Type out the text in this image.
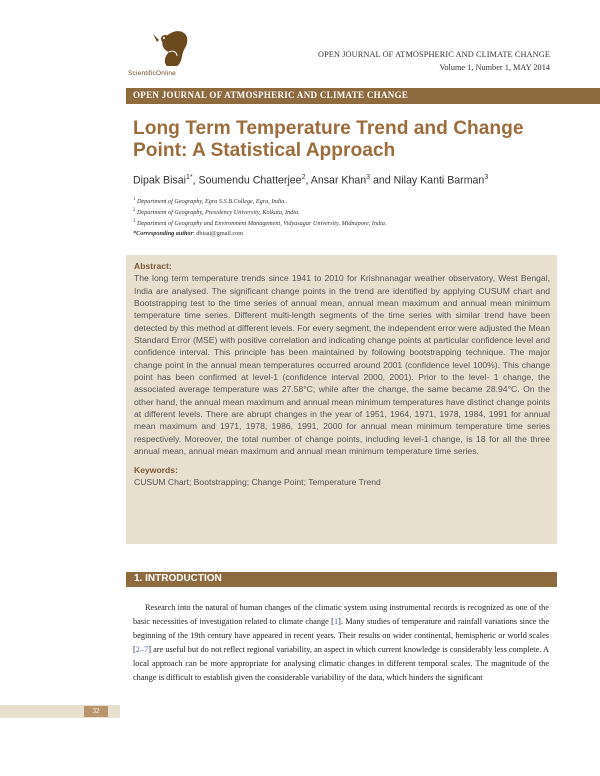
ScientificOnline
OPEN JOURNAL OF ATMOSPHERIC AND CLIMATE CHANGE
Volume 1, Number 1, MAY 2014
OPEN JOURNAL OF ATMOSPHERIC AND CLIMATE CHANGE
Long Term Temperature Trend and Change Point: A Statistical Approach
Dipak Bisai$^{1*}$, Soumendu Chatterjee$^2$, Ansar Khan$^3$ and Nilay Kanti Barman$^3$
$^1$ Department of Geography, Egra S.S.B.College, Egra, India..
$^2$ Department of Geography, Presidency University, Kolkata, India.
$^3$ Department of Geography and Environment Management, Vidyasagar University, Midnapore, India.
*Corresponding author: dbisai@gmail.com

Abstract:

The long term temperature trends since 1941 to 2010 for Krishnanagar weather observatory, West Bengal, India are analysed. The significant change points in the trend are identified by applying CUSUM chart and Bootstrapping test to the time series of annual mean, annual mean maximum and annual mean minimum temperature time series. Different multi-length segments of the time series with similar trend have been detected by this method at different levels. For every segment, the independent error were adjusted the Mean Standard Error (MSE) with positive correlation and indicating change points at particular confidence level and confidence interval. This principle has been maintained by following bootstrapping technique. The major change point in the annual mean temperatures occurred around 2001 (confidence level 100%). This change point has been confirmed at level-1 (confidence interval 2000, 2001). Prior to the level- 1 change, the associated average temperature was 27.58°C; while after the change, the same became 28.94°C. On the other hand, the annual mean maximum and annual mean minimum temperatures have distinct change points at different levels. There are abrupt changes in the year of 1951, 1964, 1971, 1978, 1984, 1991 for annual mean maximum and 1971, 1978, 1986, 1991, 2000 for annual mean minimum temperature time series respectively. Moreover, the total number of change points, including level-1 change, is 18 for all the three annual mean, annual mean maximum and annual mean minimum temperature time series.

Keywords:

CUSUM Chart; Bootstrapping; Change Point; Temperature Trend

1. INTRODUCTION

Research into the natural of human changes of the climatic system using instrumental records is recognized as one of the basic necessities of investigation related to climate change [1]. Many studies of temperature and rainfall variations since the beginning of the 19th century have appeared in recent years. Their results on wider continental, hemispheric or world scales [2–7] are useful but do not reflect regional variability, an aspect in which current knowledge is considerably less complete. A local approach can be more appropriate for analysing climatic changes in different temporal scales. The magnitude of the change is difficult to establish given the considerable variability of the data, which hinders the significant

32
